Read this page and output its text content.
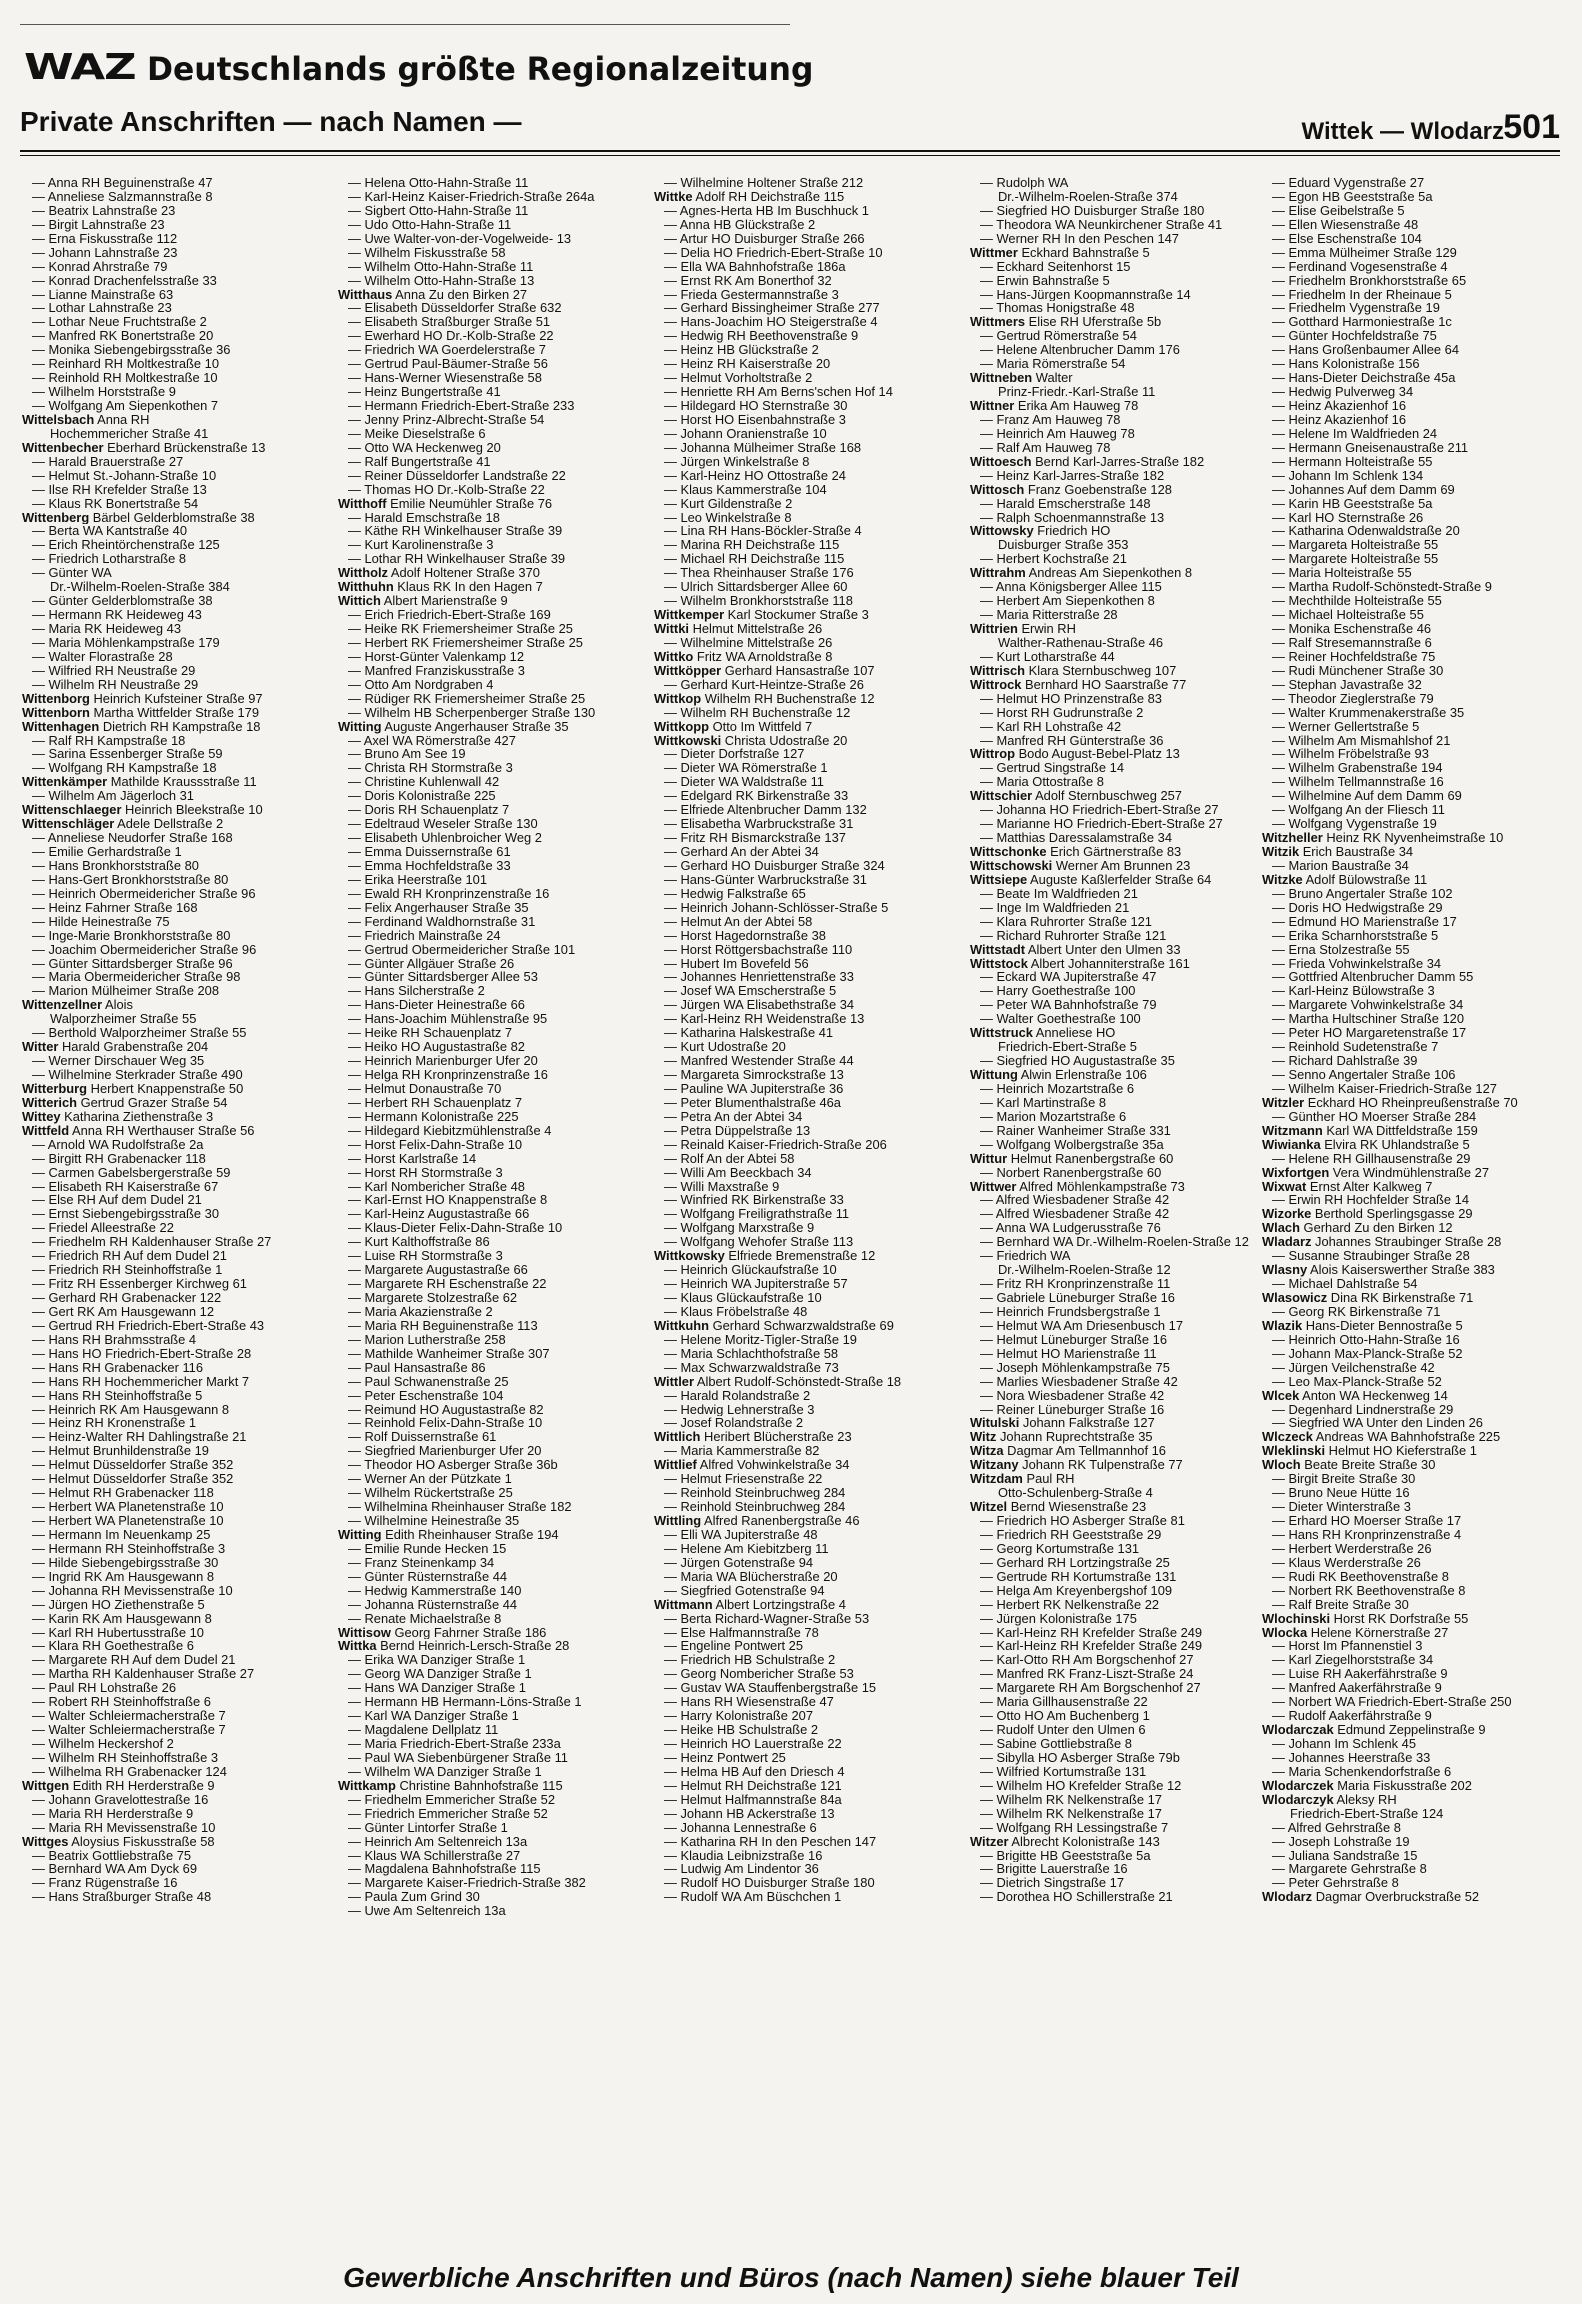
WAZ Deutschlands größte Regionalzeitung
Private Anschriften — nach Namen —	Wittek — Wlodarz 501
— Anna RH Beguinenstraße 47
— Anneliese Salzmannstraße 8
— Beatrix Lahnstraße 23
— Birgit Lahnstraße 23
— Erna Fiskusstraße 112
— Johann Lahnstraße 23
— Konrad Ahrstraße 79
— Konrad Drachenfelsstraße 33
— Lianne Mainstraße 63
— Lothar Lahnstraße 23
— Lothar Neue Fruchtstraße 2
— Manfred RK Bonertstraße 20
— Monika Siebengebirgsstraße 36
— Reinhard RH Moltkestraße 10
— Reinhold RH Moltkestraße 10
— Wilhelm Horststraße 9
— Wolfgang Am Siepenkothen 7
Wittelsbach Anna RH
Hochemmericher Straße 41
Wittenbecher Eberhard Brückenstraße 13
— Harald Brauerstraße 27
— Helmut St.-Johann-Straße 10
— Ilse RH Krefelder Straße 13
— Klaus RK Bonertstraße 54
Wittenberg Bärbel Gelderblomstraße 38
— Berta WA Kantstraße 40
— Erich Rheintörchenstraße 125
— Friedrich Lotharstraße 8
— Günter WA
Dr.-Wilhelm-Roelen-Straße 384
— Günter Gelderblomstraße 38
— Hermann RK Heideweg 43
— Maria RK Heideweg 43
— Maria Möhlenkampstraße 179
— Walter Florastraße 28
— Wilfried RH Neustraße 29
— Wilhelm RH Neustraße 29
Wittenborg Heinrich Kufsteiner Straße 97
Wittenborn Martha Wittfelder Straße 179
Wittenhagen Dietrich RH Kampstraße 18
— Ralf RH Kampstraße 18
— Sarina Essenberger Straße 59
— Wolfgang RH Kampstraße 18
Wittenkämper Mathilde Kraussstraße 11
— Wilhelm Am Jägerloch 31
Wittenschlaeger Heinrich Bleekstraße 10
Wittenschläger Adele Dellstraße 2
— Anneliese Neudorfer Straße 168
— Emilie Gerhardstraße 1
— Hans Bronkhorststraße 80
— Hans-Gert Bronkhorststraße 80
— Heinrich Obermeidericher Straße 96
— Heinz Fahrner Straße 168
— Hilde Heinestraße 75
— Inge-Marie Bronkhorststraße 80
— Joachim Obermeidericher Straße 96
— Günter Sittardsberger Straße 96
— Maria Obermeidericher Straße 98
— Marion Mülheimer Straße 208
Wittenzellner Alois
Walporzheimer Straße 55
— Berthold Walporzheimer Straße 55
Witter Harald Grabenstraße 204
— Werner Dirschauer Weg 35
— Wilhelmine Sterkrader Straße 490
Witterburg Herbert Knappenstraße 50
Witterich Gertrud Grazer Straße 54
Wittey Katharina Ziethenstraße 3
Wittfeld Anna RH Werthauser Straße 56
— Arnold WA Rudolfstraße 2a
— Birgitt RH Grabenacker 118
— Carmen Gabelsbergerstraße 59
— Elisabeth RH Kaiserstraße 67
— Else RH Auf dem Dudel 21
— Ernst Siebengebirgsstraße 30
— Friedel Alleestraße 22
— Friedhelm RH Kaldenhauser Straße 27
— Friedrich RH Auf dem Dudel 21
— Friedrich RH Steinhoffstraße 1
— Fritz RH Essenberger Kirchweg 61
— Gerhard RH Grabenacker 122
— Gert RK Am Hausgewann 12
— Gertrud RH Friedrich-Ebert-Straße 43
— Hans RH Brahmsstraße 4
— Hans HO Friedrich-Ebert-Straße 28
— Hans RH Grabenacker 116
— Hans RH Hochemmericher Markt 7
— Hans RH Steinhoffstraße 5
— Heinrich RK Am Hausgewann 8
— Heinz RH Kronenstraße 1
— Heinz-Walter RH Dahlingstraße 21
— Helmut Brunhildenstraße 19
— Helmut Düsseldorfer Straße 352
— Helmut Düsseldorfer Straße 352
— Helmut RH Grabenacker 118
— Herbert WA Planetenstraße 10
— Herbert WA Planetenstraße 10
— Hermann Im Neuenkamp 25
— Hermann RH Steinhoffstraße 3
— Hilde Siebengebirgsstraße 30
— Ingrid RK Am Hausgewann 8
— Johanna RH Mevissenstraße 10
— Jürgen HO Ziethenstraße 5
— Karin RK Am Hausgewann 8
— Karl RH Hubertusstraße 10
— Klara RH Goethestraße 6
— Margarete RH Auf dem Dudel 21
— Martha RH Kaldenhauser Straße 27
— Paul RH Lohstraße 26
— Robert RH Steinhoffstraße 6
— Walter Schleiermacherstraße 7
— Walter Schleiermacherstraße 7
— Wilhelm Heckershof 2
— Wilhelm RH Steinhoffstraße 3
— Wilhelma RH Grabenacker 124
Wittgen Edith RH Herderstraße 9
— Johann Gravelottestraße 16
— Maria RH Herderstraße 9
— Maria RH Mevissenstraße 10
Wittges Aloysius Fiskusstraße 58
— Beatrix Gottliebstraße 75
— Bernhard WA Am Dyck 69
— Franz Rügenstraße 16
— Hans Straßburger Straße 48
— Helena Otto-Hahn-Straße 11
— Karl-Heinz Kaiser-Friedrich-Straße 264a
— Sigbert Otto-Hahn-Straße 11
— Udo Otto-Hahn-Straße 11
— Uwe Walter-von-der-Vogelweide- 13
— Wilhelm Fiskusstraße 58
— Wilhelm Otto-Hahn-Straße 11
— Wilhelm Otto-Hahn-Straße 13
Witthaus Anna Zu den Birken 27
— Elisabeth Düsseldorfer Straße 632
— Elisabeth Straßburger Straße 51
— Ewerhard HO Dr.-Kolb-Straße 22
— Friedrich WA Goerdelerstraße 7
— Gertrud Paul-Bäumer-Straße 56
— Hans-Werner Wiesenstraße 58
— Heinz Bungertstraße 41
— Hermann Friedrich-Ebert-Straße 233
— Jenny Prinz-Albrecht-Straße 54
— Meike Dieselstraße 6
— Otto WA Heckenweg 20
— Ralf Bungertstraße 41
— Reiner Düsseldorfer Landstraße 22
— Thomas HO Dr.-Kolb-Straße 22
Witthoff Emilie Neumühler Straße 76
— Harald Emschstraße 18
— Käthe RH Winkelhauser Straße 39
— Kurt Karolinenstraße 3
— Lothar RH Winkelhauser Straße 39
Wittholz Adolf Holtener Straße 370
Witthuhn Klaus RK In den Hagen 7
Wittich Albert Marienstraße 9
— Erich Friedrich-Ebert-Straße 169
— Heike RK Friemersheimer Straße 25
— Herbert RK Friemersheimer Straße 25
— Horst-Günter Valenkamp 12
— Manfred Franziskusstraße 3
— Otto Am Nordgraben 4
— Rüdiger RK Friemersheimer Straße 25
— Wilhelm HB Scherpenberger Straße 130
Witting Auguste Angerhauser Straße 35
— Axel WA Römerstraße 427
— Bruno Am See 19
— Christa RH Stormstraße 3
— Christine Kuhlenwall 42
— Doris Kolonistraße 225
— Doris RH Schauenplatz 7
— Edeltraud Weseler Straße 130
— Elisabeth Uhlenbroicher Weg 2
— Emma Duissernstraße 61
— Emma Hochfeldstraße 33
— Erika Heerstraße 101
— Ewald RH Kronprinzenstraße 16
— Felix Angerhauser Straße 35
— Ferdinand Waldhornstraße 31
— Friedrich Mainstraße 24
— Gertrud Obermeidericher Straße 101
— Günter Allgäuer Straße 26
— Günter Sittardsberger Allee 53
— Hans Silcherstraße 2
— Hans-Dieter Heinestraße 66
— Hans-Joachim Mühlenstraße 95
— Heike RH Schauenplatz 7
— Heiko HO Augustastraße 82
— Heinrich Marienburger Ufer 20
— Helga RH Kronprinzenstraße 16
— Helmut Donaustraße 70
— Herbert RH Schauenplatz 7
— Hermann Kolonistraße 225
— Hildegard Kiebitzmühlenstraße 4
— Horst Felix-Dahn-Straße 10
— Horst Karlstraße 14
— Horst RH Stormstraße 3
— Karl Nombericher Straße 48
— Karl-Ernst HO Knappenstraße 8
— Karl-Heinz Augustastraße 66
— Klaus-Dieter Felix-Dahn-Straße 10
— Kurt Kalthoffstraße 86
— Luise RH Stormstraße 3
— Margarete Augustastraße 66
— Margarete RH Eschenstraße 22
— Margarete Stolzestraße 62
— Maria Akazienstraße 2
— Maria RH Beguinenstraße 113
— Marion Lutherstraße 258
— Mathilde Wanheimer Straße 307
— Paul Hansastraße 86
— Paul Schwanenstraße 25
— Peter Eschenstraße 104
— Reimund HO Augustastraße 82
— Reinhold Felix-Dahn-Straße 10
— Rolf Duissernstraße 61
— Siegfried Marienburger Ufer 20
— Theodor HO Asberger Straße 36b
— Werner An der Pützkate 1
— Wilhelm Rückertstraße 25
— Wilhelmina Rheinhauser Straße 182
— Wilhelmine Heinestraße 35
Witting Edith Rheinhauser Straße 194
— Emilie Runde Hecken 15
— Franz Steinenkamp 34
— Günter Rüsternstraße 44
— Hedwig Kammerstraße 140
— Johanna Rüsternstraße 44
— Renate Michaelstraße 8
Wittisow Georg Fahrner Straße 186
Wittka Bernd Heinrich-Lersch-Straße 28
— Erika WA Danziger Straße 1
— Georg WA Danziger Straße 1
— Hans WA Danziger Straße 1
— Hermann HB Hermann-Löns-Straße 1
— Karl WA Danziger Straße 1
— Magdalene Dellplatz 11
— Maria Friedrich-Ebert-Straße 233a
— Paul WA Siebenbürgener Straße 11
— Wilhelm WA Danziger Straße 1
Wittkamp Christine Bahnhofstraße 115
— Friedhelm Emmericher Straße 52
— Friedrich Emmericher Straße 52
— Günter Lintorfer Straße 1
— Heinrich Am Seltenreich 13a
— Klaus WA Schillerstraße 27
— Magdalena Bahnhofstraße 115
— Margarete Kaiser-Friedrich-Straße 382
— Paula Zum Grind 30
— Uwe Am Seltenreich 13a
— Wilhelmine Holtener Straße 212
Wittke Adolf RH Deichstraße 115
— Agnes-Herta HB Im Buschhuck 1
— Anna HB Glückstraße 2
— Artur HO Duisburger Straße 266
— Delia HO Friedrich-Ebert-Straße 10
— Ella WA Bahnhofstraße 186a
— Ernst RK Am Bonerthof 32
— Frieda Gestermannstraße 3
— Gerhard Bissingheimer Straße 277
— Hans-Joachim HO Steigerstraße 4
— Hedwig RH Beethovenstraße 9
— Heinz HB Glückstraße 2
— Heinz RH Kaiserstraße 20
— Helmut Vorholtstraße 2
— Henriette RH Am Berns'schen Hof 14
— Hildegard HO Sternstraße 30
— Horst HO Eisenbahnstraße 3
— Johann Oranienstraße 10
— Johanna Mülheimer Straße 168
— Jürgen Winkelstraße 8
— Karl-Heinz HO Ottostraße 24
— Klaus Kammerstraße 104
— Kurt Gildenstraße 2
— Leo Winkelstraße 8
— Lina RH Hans-Böckler-Straße 4
— Marina RH Deichstraße 115
— Michael RH Deichstraße 115
— Thea Rheinhauser Straße 176
— Ulrich Sittardsberger Allee 60
— Wilhelm Bronkhorststraße 118
Wittkemper Karl Stockumer Straße 3
Wittki Helmut Mittelstraße 26
— Wilhelmine Mittelstraße 26
Wittko Fritz WA Arnoldstraße 8
Wittköpper Gerhard Hansastraße 107
— Gerhard Kurt-Heintze-Straße 26
Wittkop Wilhelm RH Buchenstraße 12
— Wilhelm RH Buchenstraße 12
Wittkopp Otto Im Wittfeld 7
Wittkowski Christa Udostraße 20
— Dieter Dorfstraße 127
— Dieter WA Römerstraße 1
— Dieter WA Waldstraße 11
— Edelgard RK Birkenstraße 33
— Elfriede Altenbrucher Damm 132
— Elisabetha Warbruckstraße 31
— Fritz RH Bismarckstraße 137
— Gerhard An der Abtei 34
— Gerhard HO Duisburger Straße 324
— Hans-Günter Warbruckstraße 31
— Hedwig Falkstraße 65
— Heinrich Johann-Schlösser-Straße 5
— Helmut An der Abtei 58
— Horst Hagedornstraße 38
— Horst Röttgersbachstraße 110
— Hubert Im Bovefeld 56
— Johannes Henriettenstraße 33
— Josef WA Emscherstraße 5
— Jürgen WA Elisabethstraße 34
— Karl-Heinz RH Weidenstraße 13
— Katharina Halskestraße 41
— Kurt Udostraße 20
— Manfred Westender Straße 44
— Margareta Simrockstraße 13
— Pauline WA Jupiterstraße 36
— Peter Blumenthalstraße 46a
— Petra An der Abtei 34
— Petra Düppelstraße 13
— Reinald Kaiser-Friedrich-Straße 206
— Rolf An der Abtei 58
— Willi Am Beeckbach 34
— Willi Maxstraße 9
— Winfried RK Birkenstraße 33
— Wolfgang Freiligrathstraße 11
— Wolfgang Marxstraße 9
— Wolfgang Wehofer Straße 113
Wittkowsky Elfriede Bremenstraße 12
— Heinrich Glückaufstraße 10
— Heinrich WA Jupiterstraße 57
— Klaus Glückaufstraße 10
— Klaus Fröbelstraße 48
Wittkuhn Gerhard Schwarzwaldstraße 69
— Helene Moritz-Tigler-Straße 19
— Maria Schlachthofstraße 58
— Max Schwarzwaldstraße 73
Wittler Albert Rudolf-Schönstedt-Straße 18
— Harald Rolandstraße 2
— Hedwig Lehnerstraße 3
— Josef Rolandstraße 2
Wittlich Heribert Blücherstraße 23
— Maria Kammerstraße 82
Wittlief Alfred Vohwinkelstraße 34
— Helmut Friesenstraße 22
— Reinhold Steinbruchweg 284
— Reinhold Steinbruchweg 284
Wittling Alfred Ranenbergstraße 46
— Elli WA Jupiterstraße 48
— Helene Am Kiebitzberg 11
— Jürgen Gotenstraße 94
— Maria WA Blücherstraße 20
— Siegfried Gotenstraße 94
Wittmann Albert Lortzingstraße 4
— Berta Richard-Wagner-Straße 53
— Else Halfmannstraße 78
— Engeline Pontwert 25
— Friedrich HB Schulstraße 2
— Georg Nombericher Straße 53
— Gustav WA Stauffenbergstraße 15
— Hans RH Wiesenstraße 47
— Harry Kolonistraße 207
— Heike HB Schulstraße 2
— Heinrich HO Lauerstraße 22
— Heinz Pontwert 25
— Helma HB Auf den Driesch 4
— Helmut RH Deichstraße 121
— Helmut Halfmannstraße 84a
— Johann HB Ackerstraße 13
— Johanna Lennestraße 6
— Katharina RH In den Peschen 147
— Klaudia Leibnizstraße 16
— Ludwig Am Lindentor 36
— Rudolf HO Duisburger Straße 180
— Rudolf WA Am Büschchen 1
— Rudolph WA
Dr.-Wilhelm-Roelen-Straße 374
— Siegfried HO Duisburger Straße 180
— Theodora WA Neunkirchener Straße 41
— Werner RH In den Peschen 147
Wittmer Eckhard Bahnstraße 5
— Eckhard Seitenhorst 15
— Erwin Bahnstraße 5
— Hans-Jürgen Koopmannstraße 14
— Thomas Honigstraße 48
Wittmers Elise RH Uferstraße 5b
— Gertrud Römerstraße 54
— Helene Altenbrucher Damm 176
— Maria Römerstraße 54
Wittneben Walter
Prinz-Friedr.-Karl-Straße 11
Wittner Erika Am Hauweg 78
— Franz Am Hauweg 78
— Heinrich Am Hauweg 78
— Ralf Am Hauweg 78
Wittoesch Bernd Karl-Jarres-Straße 182
— Heinz Karl-Jarres-Straße 182
Wittosch Franz Goebenstraße 128
— Harald Emscherstraße 148
— Ralph Schoenmannstraße 13
Wittowsky Friedrich HO
Duisburger Straße 353
— Herbert Kochstraße 21
Wittrahm Andreas Am Siepenkothen 8
— Anna Königsberger Allee 115
— Herbert Am Siepenkothen 8
— Maria Ritterstraße 28
Wittrien Erwin RH
Walther-Rathenau-Straße 46
— Kurt Lotharstraße 44
Wittrisch Klara Sternbuschweg 107
Wittrock Bernhard HO Saarstraße 77
— Helmut HO Prinzenstraße 83
— Horst RH Gudrunstraße 2
— Karl RH Lohstraße 42
— Manfred RH Günterstraße 36
Wittrop Bodo August-Bebel-Platz 13
— Gertrud Singstraße 14
— Maria Ottostraße 8
Wittschier Adolf Sternbuschweg 257
— Johanna HO Friedrich-Ebert-Straße 27
— Marianne HO Friedrich-Ebert-Straße 27
— Matthias Daressalamstraße 34
Wittschonke Erich Gärtnerstraße 83
Wittschowski Werner Am Brunnen 23
Wittsiepe Auguste Kaßlerfelder Straße 64
— Beate Im Waldfrieden 21
— Inge Im Waldfrieden 21
— Klara Ruhrorter Straße 121
— Richard Ruhrorter Straße 121
Wittstadt Albert Unter den Ulmen 33
Wittstock Albert Johanniterstraße 161
— Eckard WA Jupiterstraße 47
— Harry Goethestraße 100
— Peter WA Bahnhofstraße 79
— Walter Goethestraße 100
Wittstruck Anneliese HO
Friedrich-Ebert-Straße 5
— Siegfried HO Augustastraße 35
Wittung Alwin Erlenstraße 106
— Heinrich Mozartstraße 6
— Karl Martinstraße 8
— Marion Mozartstraße 6
— Rainer Wanheimer Straße 331
— Wolfgang Wolbergstraße 35a
Wittur Helmut Ranenbergstraße 60
— Norbert Ranenbergstraße 60
Wittwer Alfred Möhlenkampstraße 73
— Alfred Wiesbadener Straße 42
— Alfred Wiesbadener Straße 42
— Anna WA Ludgerusstraße 76
— Bernhard WA Dr.-Wilhelm-Roelen-Straße 12
— Friedrich WA
Dr.-Wilhelm-Roelen-Straße 12
— Fritz RH Kronprinzenstraße 11
— Gabriele Lüneburger Straße 16
— Heinrich Frundsbergstraße 1
— Helmut WA Am Driesenbusch 17
— Helmut Lüneburger Straße 16
— Helmut HO Marienstraße 11
— Joseph Möhlenkampstraße 75
— Marlies Wiesbadener Straße 42
— Nora Wiesbadener Straße 42
— Reiner Lüneburger Straße 16
Witulski Johann Falkstraße 127
Witz Johann Ruprechtstraße 35
Witza Dagmar Am Tellmannhof 16
Witzany Johann RK Tulpenstraße 77
Witzdam Paul RH
Otto-Schulenberg-Straße 4
Witzel Bernd Wiesenstraße 23
— Friedrich HO Asberger Straße 81
— Friedrich RH Geeststraße 29
— Georg Kortumstraße 131
— Gerhard RH Lortzingstraße 25
— Gertrude RH Kortumstraße 131
— Helga Am Kreyenbergshof 109
— Herbert RK Nelkenstraße 22
— Jürgen Kolonistraße 175
— Karl-Heinz RH Krefelder Straße 249
— Karl-Heinz RH Krefelder Straße 249
— Karl-Otto RH Am Borgschenhof 27
— Manfred RK Franz-Liszt-Straße 24
— Margarete RH Am Borgschenhof 27
— Maria Gillhausenstraße 22
— Otto HO Am Buchenberg 1
— Rudolf Unter den Ulmen 6
— Sabine Gottliebstraße 8
— Sibylla HO Asberger Straße 79b
— Wilfried Kortumstraße 131
— Wilhelm HO Krefelder Straße 12
— Wilhelm RK Nelkenstraße 17
— Wilhelm RK Nelkenstraße 17
— Wolfgang RH Lessingstraße 7
Witzer Albrecht Kolonistraße 143
— Brigitte HB Geeststraße 5a
— Brigitte Lauerstraße 16
— Dietrich Singstraße 17
— Dorothea HO Schillerstraße 21
— Eduard Vygenstraße 27
— Egon HB Geeststraße 5a
— Elise Geibelstraße 5
— Ellen Wiesenstraße 48
— Else Eschenstraße 104
— Emma Mülheimer Straße 129
— Ferdinand Vogesenstraße 4
— Friedhelm Bronkhorststraße 65
— Friedhelm In der Rheinaue 5
— Friedhelm Vygenstraße 19
— Gotthard Harmoniestraße 1c
— Günter Hochfeldstraße 75
— Hans Großenbaumer Allee 64
— Hans Kolonistraße 156
— Hans-Dieter Deichstraße 45a
— Hedwig Pulverweg 34
— Heinz Akazienhof 16
— Heinz Akazienhof 16
— Helene Im Waldfrieden 24
— Hermann Gneisenaustraße 211
— Hermann Holteistraße 55
— Johann Im Schlenk 134
— Johannes Auf dem Damm 69
— Karin HB Geeststraße 5a
— Karl HO Sternstraße 26
— Katharina Odenwaldstraße 20
— Margareta Holteistraße 55
— Margarete Holteistraße 55
— Maria Holteistraße 55
— Martha Rudolf-Schönstedt-Straße 9
— Mechthilde Holteistraße 55
— Michael Holteistraße 55
— Monika Eschenstraße 46
— Ralf Stresemannstraße 6
— Reiner Hochfeldstraße 75
— Rudi Münchener Straße 30
— Stephan Javastraße 32
— Theodor Zieglerstraße 79
— Walter Krummenakerstraße 35
— Werner Gellertstraße 5
— Wilhelm Am Mismahlshof 21
— Wilhelm Fröbelstraße 93
— Wilhelm Grabenstraße 194
— Wilhelm Tellmannstraße 16
— Wilhelmine Auf dem Damm 69
— Wolfgang An der Fliesch 11
— Wolfgang Vygenstraße 19
Witzheller Heinz RK Nyvenheimstraße 10
Witzik Erich Baustraße 34
— Marion Baustraße 34
Witzke Adolf Bülowstraße 11
— Bruno Angertaler Straße 102
— Doris HO Hedwigstraße 29
— Edmund HO Marienstraße 17
— Erika Scharnhorststraße 5
— Erna Stolzestraße 55
— Frieda Vohwinkelstraße 34
— Gottfried Altenbrucher Damm 55
— Karl-Heinz Bülowstraße 3
— Margarete Vohwinkelstraße 34
— Martha Hultschiner Straße 120
— Peter HO Margaretenstraße 17
— Reinhold Sudetenstraße 7
— Richard Dahlstraße 39
— Senno Angertaler Straße 106
— Wilhelm Kaiser-Friedrich-Straße 127
Witzler Eckhard HO Rheinpreußenstraße 70
— Günther HO Moerser Straße 284
Witzmann Karl WA Dittfeldstraße 159
Wiwianka Elvira RK Uhlandstraße 5
— Helene RH Gillhausenstraße 29
Wixfortgen Vera Windmühlenstraße 27
Wixwat Ernst Alter Kalkweg 7
— Erwin RH Hochfelder Straße 14
Wizorke Berthold Sperlingsgasse 29
Wlach Gerhard Zu den Birken 12
Wladarz Johannes Straubinger Straße 28
— Susanne Straubinger Straße 28
Wlasny Alois Kaiserswerther Straße 383
— Michael Dahlstraße 54
Wlasowicz Dina RK Birkenstraße 71
— Georg RK Birkenstraße 71
Wlazik Hans-Dieter Bennostraße 5
— Heinrich Otto-Hahn-Straße 16
— Johann Max-Planck-Straße 52
— Jürgen Veilchenstraße 42
— Leo Max-Planck-Straße 52
Wlcek Anton WA Heckenweg 14
— Degenhard Lindnerstraße 29
— Siegfried WA Unter den Linden 26
Wlczeck Andreas WA Bahnhofstraße 225
Wleklinski Helmut HO Kieferstraße 1
Wloch Beate Breite Straße 30
— Birgit Breite Straße 30
— Bruno Neue Hütte 16
— Dieter Winterstraße 3
— Erhard HO Moerser Straße 17
— Hans RH Kronprinzenstraße 4
— Herbert Werderstraße 26
— Klaus Werderstraße 26
— Rudi RK Beethovenstraße 8
— Norbert RK Beethovenstraße 8
— Ralf Breite Straße 30
Wlochinski Horst RK Dorfstraße 55
Wlocka Helene Körnerstraße 27
— Horst Im Pfannenstiel 3
— Karl Ziegelhorststraße 34
— Luise RH Aakerfährstraße 9
— Manfred Aakerfährstraße 9
— Norbert WA Friedrich-Ebert-Straße 250
— Rudolf Aakerfährstraße 9
Wlodarczak Edmund Zeppelinstraße 9
— Johann Im Schlenk 45
— Johannes Heerstraße 33
— Maria Schenkendorfstraße 6
Wlodarczek Maria Fiskusstraße 202
Wlodarczyk Aleksy RH
Friedrich-Ebert-Straße 124
— Alfred Gehrstraße 8
— Joseph Lohstraße 19
— Juliana Sandstraße 15
— Margarete Gehrstraße 8
— Peter Gehrstraße 8
Wlodarz Dagmar Overbruckstraße 52
Gewerbliche Anschriften und Büros (nach Namen) siehe blauer Teil
